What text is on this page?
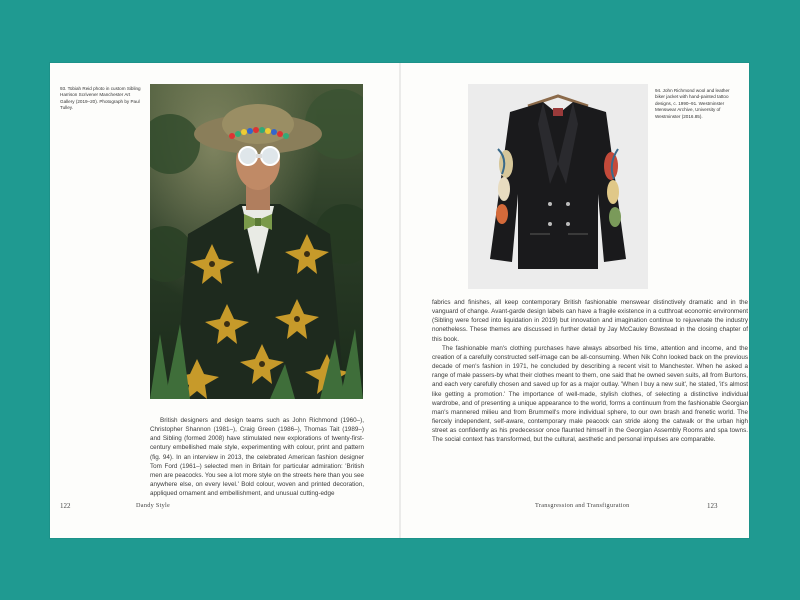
93. Tobiah Reid photo in custom Sibling Harrison Scrivener Manchester Art Gallery (2019–20). Photograph by Paul Tulley.

British designers and design teams such as John Richmond (1960–), Christopher Shannon (1981–), Craig Green (1986–), Thomas Tait (1989–) and Sibling (formed 2008) have stimulated new explorations of twenty-first-century embellished male style, experimenting with colour, print and pattern (fig. 94). In an interview in 2013, the celebrated American fashion designer Tom Ford (1961–) selected men in Britain for particular admiration: 'British men are peacocks. You see a lot more style on the streets here than you see anywhere else, on every level.' Bold colour, woven and printed decoration, appliqued ornament and embellishment, and unusual cutting-edge

122	Dandy Style

94. John Richmond wool and leather biker jacket with hand-painted tattoo designs, c. 1990–91. Westminster Menswear Archive, University of Westminster (2016.85).

fabrics and finishes, all keep contemporary British fashionable menswear distinctively dramatic and in the vanguard of change. Avant-garde design labels can have a fragile existence in a cutthroat economic environment (Sibling were forced into liquidation in 2019) but innovation and imagination continue to rejuvenate the industry nonetheless. These themes are discussed in further detail by Jay McCauley Bowstead in the closing chapter of this book.

The fashionable man's clothing purchases have always absorbed his time, attention and income, and the creation of a carefully constructed self-image can be all-consuming. When Nik Cohn looked back on the previous decade of men's fashion in 1971, he concluded by describing a recent visit to Manchester. When he asked a range of male passers-by what their clothes meant to them, one said that he owned seven suits, all from Burtons, and each very carefully chosen and saved up for as a major outlay. 'When I buy a new suit', he stated, 'it's almost like getting a promotion.' The importance of well-made, stylish clothes, of selecting a distinctive individual wardrobe, and of presenting a unique appearance to the world, forms a continuum from the fashionable Georgian man's mannered milieu and from Brummell's more individual sphere, to our own brash and frenetic world. The fiercely independent, self-aware, contemporary male peacock can stride along the catwalk or the urban high street as confidently as his predecessor once flaunted himself in the Georgian Assembly Rooms and spa towns. The social context has transformed, but the cultural, aesthetic and personal impulses are comparable.

Transgression and Transfiguration	123
